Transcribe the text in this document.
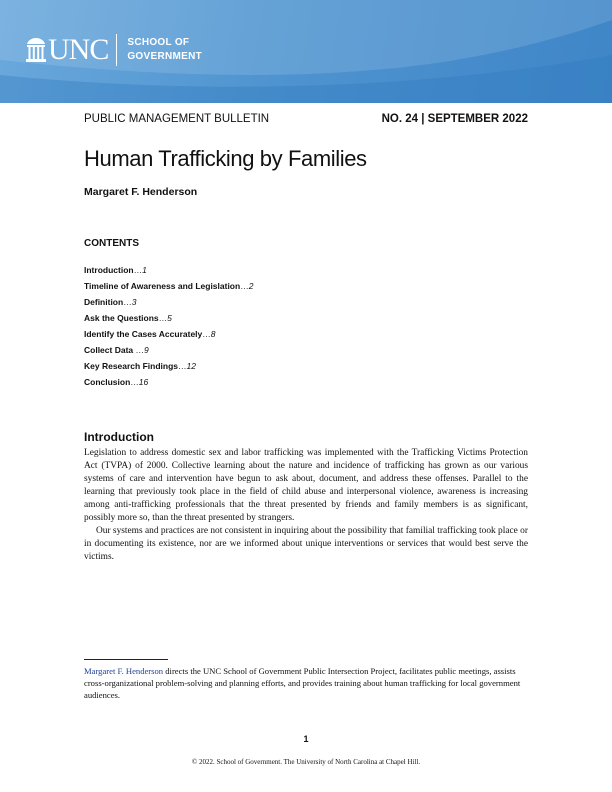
UNC SCHOOL OF
GOVERNMENT
PUBLIC MANAGEMENT BULLETIN	NO. 24 | SEPTEMBER 2022
Human Trafficking by Families
Margaret F. Henderson
CONTENTS
Introduction…1
Timeline of Awareness and Legislation…2
Definition…3
Ask the Questions…5
Identify the Cases Accurately…8
Collect Data …9
Key Research Findings…12
Conclusion…16
Introduction

Legislation to address domestic sex and labor trafficking was implemented with the Trafficking Victims Protection Act (TVPA) of 2000. Collective learning about the nature and incidence of trafficking has grown as our various systems of care and intervention have begun to ask about, document, and address these offenses. Parallel to the learning that previously took place in the field of child abuse and interpersonal violence, awareness is increasing among anti-trafficking professionals that the threat presented by friends and family members is as significant, possibly more so, than the threat presented by strangers.

Our systems and practices are not consistent in inquiring about the possibility that familial trafficking took place or in documenting its existence, nor are we informed about unique interventions or services that would best serve the victims.

Margaret F. Henderson directs the UNC School of Government Public Intersection Project, facilitates public meetings, assists cross-organizational problem-solving and planning efforts, and provides training about human trafficking for local government audiences.
1
© 2022. School of Government. The University of North Carolina at Chapel Hill.
